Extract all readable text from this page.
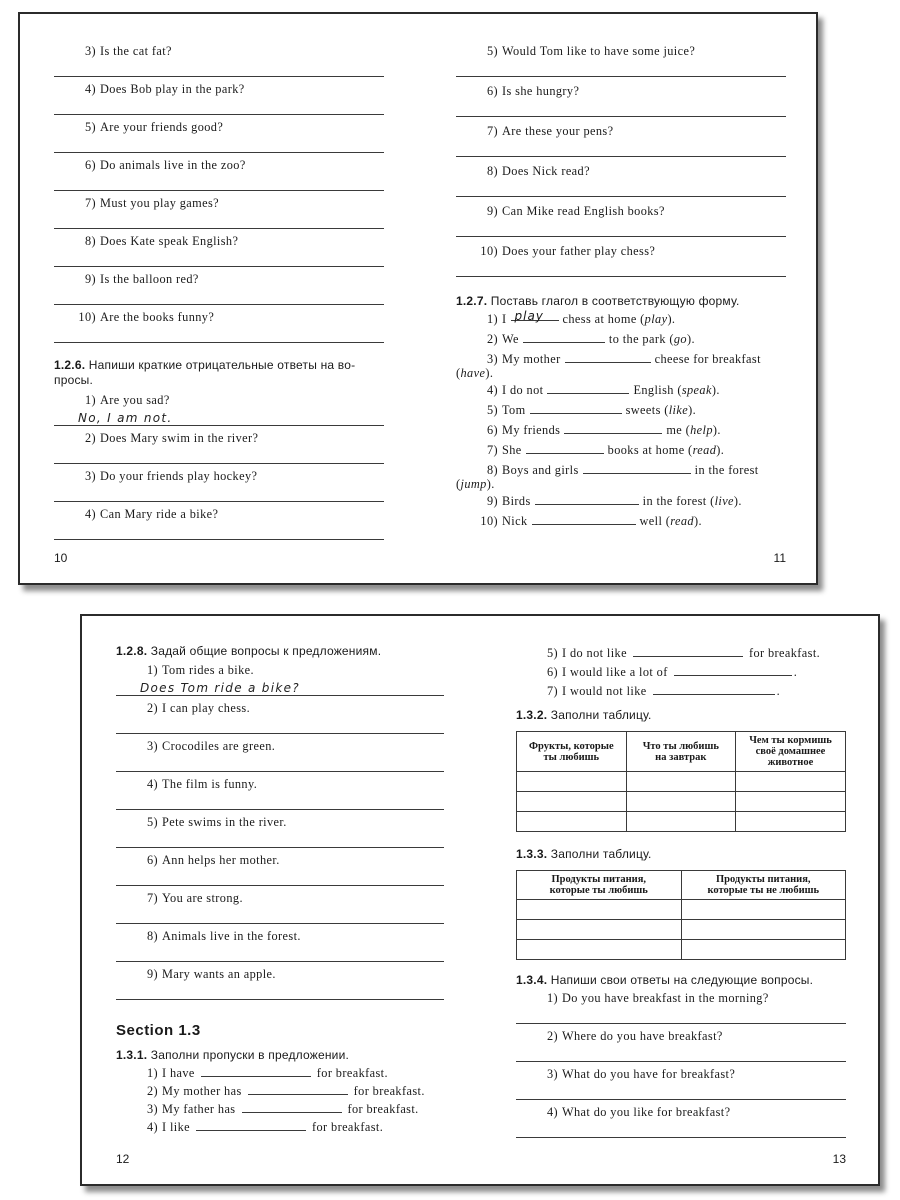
3) Is the cat fat?
4) Does Bob play in the park?
5) Are your friends good?
6) Do animals live in the zoo?
7) Must you play games?
8) Does Kate speak English?
9) Is the balloon red?
10) Are the books funny?
1.2.6. Напиши краткие отрицательные ответы на во-
просы.
1) Are you sad?
No, I am not.
2) Does Mary swim in the river?
3) Do your friends play hockey?
4) Can Mary ride a bike?
10
5) Would Tom like to have some juice?
6) Is she hungry?
7) Are these your pens?
8) Does Nick read?
9) Can Mike read English books?
10) Does your father play chess?
1.2.7. Поставь глагол в соответствующую форму.
1) I play chess at home (play).
2) We	to the park (go).
3) My mother	cheese for breakfast
(have).
4) I do not	English (speak).
5) Tom	sweets (like).
6) My friends	me (help).
7) She	books at home (read).
8) Boys and girls	in the forest
(jump).
9) Birds	in the forest (live).
10) Nick	well (read).
11
1.2.8. Задай общие вопросы к предложениям.
1) Tom rides a bike.
Does Tom ride a bike?
2) I can play chess.
3) Crocodiles are green.
4) The film is funny.
5) Pete swims in the river.
6) Ann helps her mother.
7) You are strong.
8) Animals live in the forest.
9) Mary wants an apple.
Section 1.3
1.3.1. Заполни пропуски в предложении.
1) I have	for breakfast.
2) My mother has	for breakfast.
3) My father has	for breakfast.
4) I like	for breakfast.
12
5) I do not like	for breakfast.
6) I would like a lot of	.
7) I would not like	.
1.3.2. Заполни таблицу.
Фрукты, которые
ты любишь	Что ты любишь
на завтрак	Чем ты кормишь
своё домашнее
животное

1.3.3. Заполни таблицу.
Продукты питания,
которые ты любишь	Продукты питания,
которые ты не любишь

1.3.4. Напиши свои ответы на следующие вопросы.
1) Do you have breakfast in the morning?
2) Where do you have breakfast?
3) What do you have for breakfast?
4) What do you like for breakfast?
13
